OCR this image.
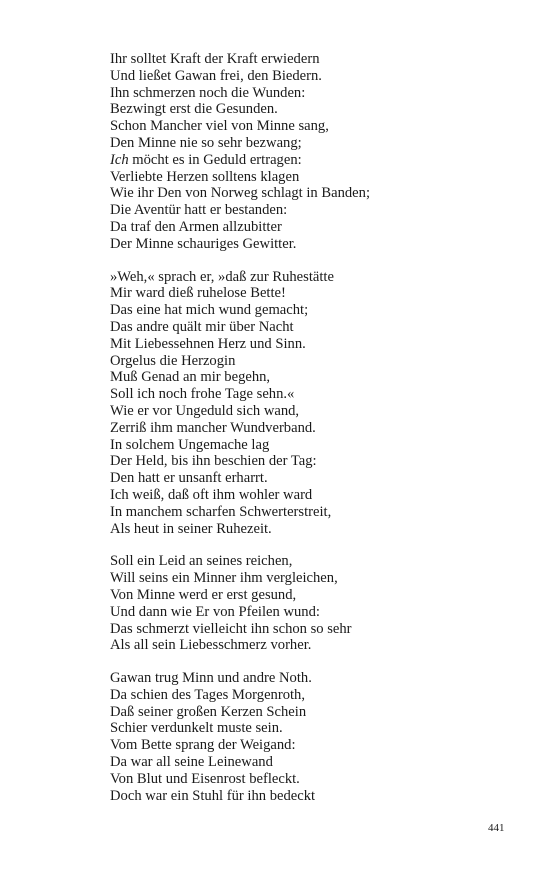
Ihr solltet Kraft der Kraft erwiedern
Und ließet Gawan frei, den Biedern.
Ihn schmerzen noch die Wunden:
Bezwingt erst die Gesunden.
Schon Mancher viel von Minne sang,
Den Minne nie so sehr bezwang;
Ich möcht es in Geduld ertragen:
Verliebte Herzen solltens klagen
Wie ihr Den von Norweg schlagt in Banden;
Die Aventür hatt er bestanden:
Da traf den Armen allzubitter
Der Minne schauriges Gewitter.
»Weh,« sprach er, »daß zur Ruhestätte
Mir ward dieß ruhelose Bette!
Das eine hat mich wund gemacht;
Das andre quält mir über Nacht
Mit Liebessehnen Herz und Sinn.
Orgelus die Herzogin
Muß Genad an mir begehn,
Soll ich noch frohe Tage sehn.«
Wie er vor Ungeduld sich wand,
Zerriß ihm mancher Wundverband.
In solchem Ungemache lag
Der Held, bis ihn beschien der Tag:
Den hatt er unsanft erharrt.
Ich weiß, daß oft ihm wohler ward
In manchem scharfen Schwerterstreit,
Als heut in seiner Ruhezeit.
Soll ein Leid an seines reichen,
Will seins ein Minner ihm vergleichen,
Von Minne werd er erst gesund,
Und dann wie Er von Pfeilen wund:
Das schmerzt vielleicht ihn schon so sehr
Als all sein Liebesschmerz vorher.
Gawan trug Minn und andre Noth.
Da schien des Tages Morgenroth,
Daß seiner großen Kerzen Schein
Schier verdunkelt muste sein.
Vom Bette sprang der Weigand:
Da war all seine Leinewand
Von Blut und Eisenrost befleckt.
Doch war ein Stuhl für ihn bedeckt
441
